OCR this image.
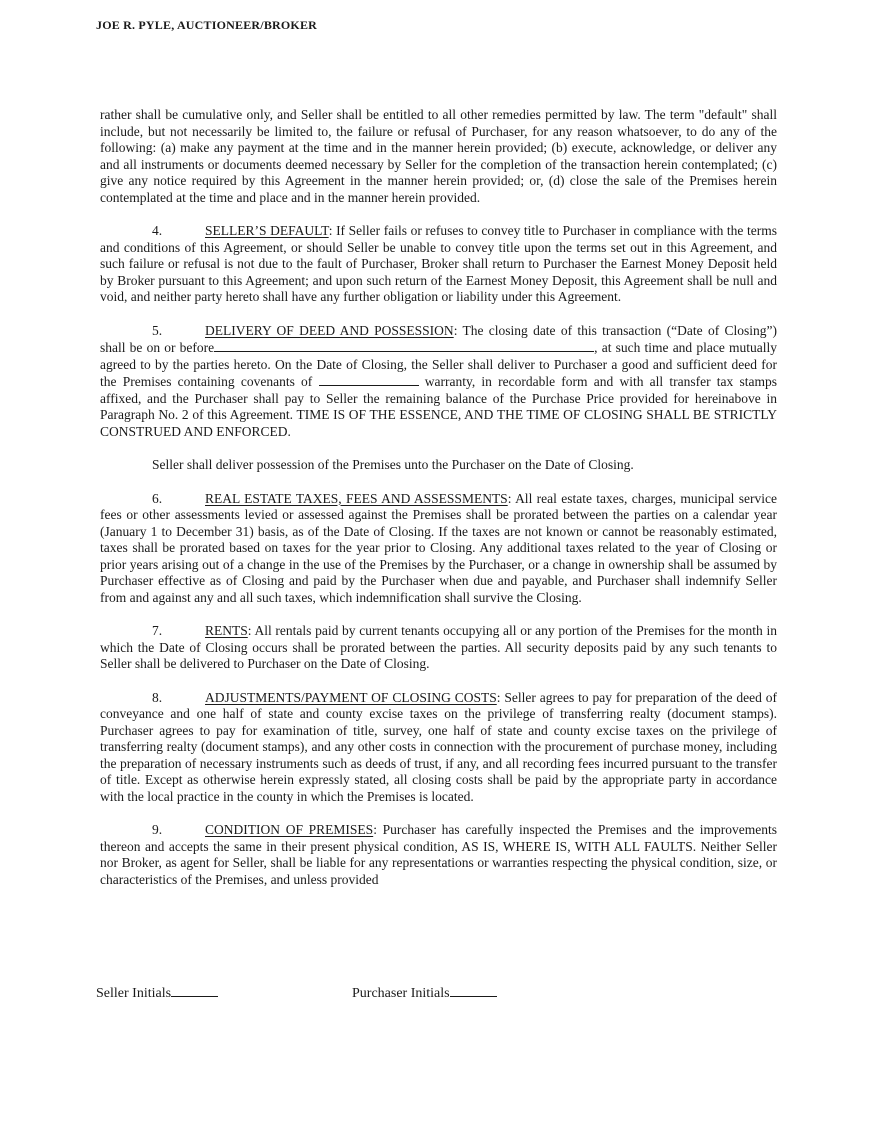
JOE R. PYLE, AUCTIONEER/BROKER

rather shall be cumulative only, and Seller shall be entitled to all other remedies permitted by law. The term "default" shall include, but not necessarily be limited to, the failure or refusal of Purchaser, for any reason whatsoever, to do any of the following: (a) make any payment at the time and in the manner herein provided; (b) execute, acknowledge, or deliver any and all instruments or documents deemed necessary by Seller for the completion of the transaction herein contemplated; (c) give any notice required by this Agreement in the manner herein provided; or, (d) close the sale of the Premises herein contemplated at the time and place and in the manner herein provided.

4.	SELLER’S DEFAULT: If Seller fails or refuses to convey title to Purchaser in compliance with the terms and conditions of this Agreement, or should Seller be unable to convey title upon the terms set out in this Agreement, and such failure or refusal is not due to the fault of Purchaser, Broker shall return to Purchaser the Earnest Money Deposit held by Broker pursuant to this Agreement; and upon such return of the Earnest Money Deposit, this Agreement shall be null and void, and neither party hereto shall have any further obligation or liability under this Agreement.

5.	DELIVERY OF DEED AND POSSESSION: The closing date of this transaction (“Date of Closing”) shall be on or before	, at such time and place mutually agreed to by the parties hereto. On the Date of Closing, the Seller shall deliver to Purchaser a good and sufficient deed for the Premises containing covenants of	warranty, in recordable form and with all transfer tax stamps affixed, and the Purchaser shall pay to Seller the remaining balance of the Purchase Price provided for hereinabove in Paragraph No. 2 of this Agreement. TIME IS OF THE ESSENCE, AND THE TIME OF CLOSING SHALL BE STRICTLY CONSTRUED AND ENFORCED.

Seller shall deliver possession of the Premises unto the Purchaser on the Date of Closing.

6.	REAL ESTATE TAXES, FEES AND ASSESSMENTS: All real estate taxes, charges, municipal service fees or other assessments levied or assessed against the Premises shall be prorated between the parties on a calendar year (January 1 to December 31) basis, as of the Date of Closing. If the taxes are not known or cannot be reasonably estimated, taxes shall be prorated based on taxes for the year prior to Closing. Any additional taxes related to the year of Closing or prior years arising out of a change in the use of the Premises by the Purchaser, or a change in ownership shall be assumed by Purchaser effective as of Closing and paid by the Purchaser when due and payable, and Purchaser shall indemnify Seller from and against any and all such taxes, which indemnification shall survive the Closing.

7.	RENTS: All rentals paid by current tenants occupying all or any portion of the Premises for the month in which the Date of Closing occurs shall be prorated between the parties. All security deposits paid by any such tenants to Seller shall be delivered to Purchaser on the Date of Closing.

8.	ADJUSTMENTS/PAYMENT OF CLOSING COSTS: Seller agrees to pay for preparation of the deed of conveyance and one half of state and county excise taxes on the privilege of transferring realty (document stamps). Purchaser agrees to pay for examination of title, survey, one half of state and county excise taxes on the privilege of transferring realty (document stamps), and any other costs in connection with the procurement of purchase money, including the preparation of necessary instruments such as deeds of trust, if any, and all recording fees incurred pursuant to the transfer of title. Except as otherwise herein expressly stated, all closing costs shall be paid by the appropriate party in accordance with the local practice in the county in which the Premises is located.

9.	CONDITION OF PREMISES: Purchaser has carefully inspected the Premises and the improvements thereon and accepts the same in their present physical condition, AS IS, WHERE IS, WITH ALL FAULTS. Neither Seller nor Broker, as agent for Seller, shall be liable for any representations or warranties respecting the physical condition, size, or characteristics of the Premises, and unless provided

Seller Initials	Purchaser Initials
